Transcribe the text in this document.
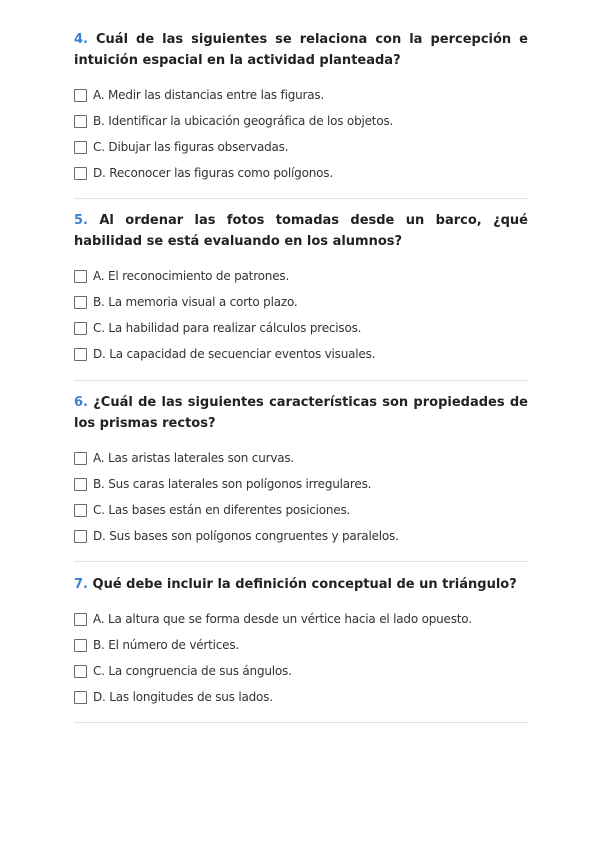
4. Cuál de las siguientes se relaciona con la percepción e intuición espacial en la actividad planteada?

A. Medir las distancias entre las figuras.
B. Identificar la ubicación geográfica de los objetos.
C. Dibujar las figuras observadas.
D. Reconocer las figuras como polígonos.

5. Al ordenar las fotos tomadas desde un barco, ¿qué habilidad se está evaluando en los alumnos?

A. El reconocimiento de patrones.
B. La memoria visual a corto plazo.
C. La habilidad para realizar cálculos precisos.
D. La capacidad de secuenciar eventos visuales.

6. ¿Cuál de las siguientes características son propiedades de los prismas rectos?

A. Las aristas laterales son curvas.
B. Sus caras laterales son polígonos irregulares.
C. Las bases están en diferentes posiciones.
D. Sus bases son polígonos congruentes y paralelos.

7. Qué debe incluir la definición conceptual de un triángulo?

A. La altura que se forma desde un vértice hacia el lado opuesto.
B. El número de vértices.
C. La congruencia de sus ángulos.
D. Las longitudes de sus lados.
